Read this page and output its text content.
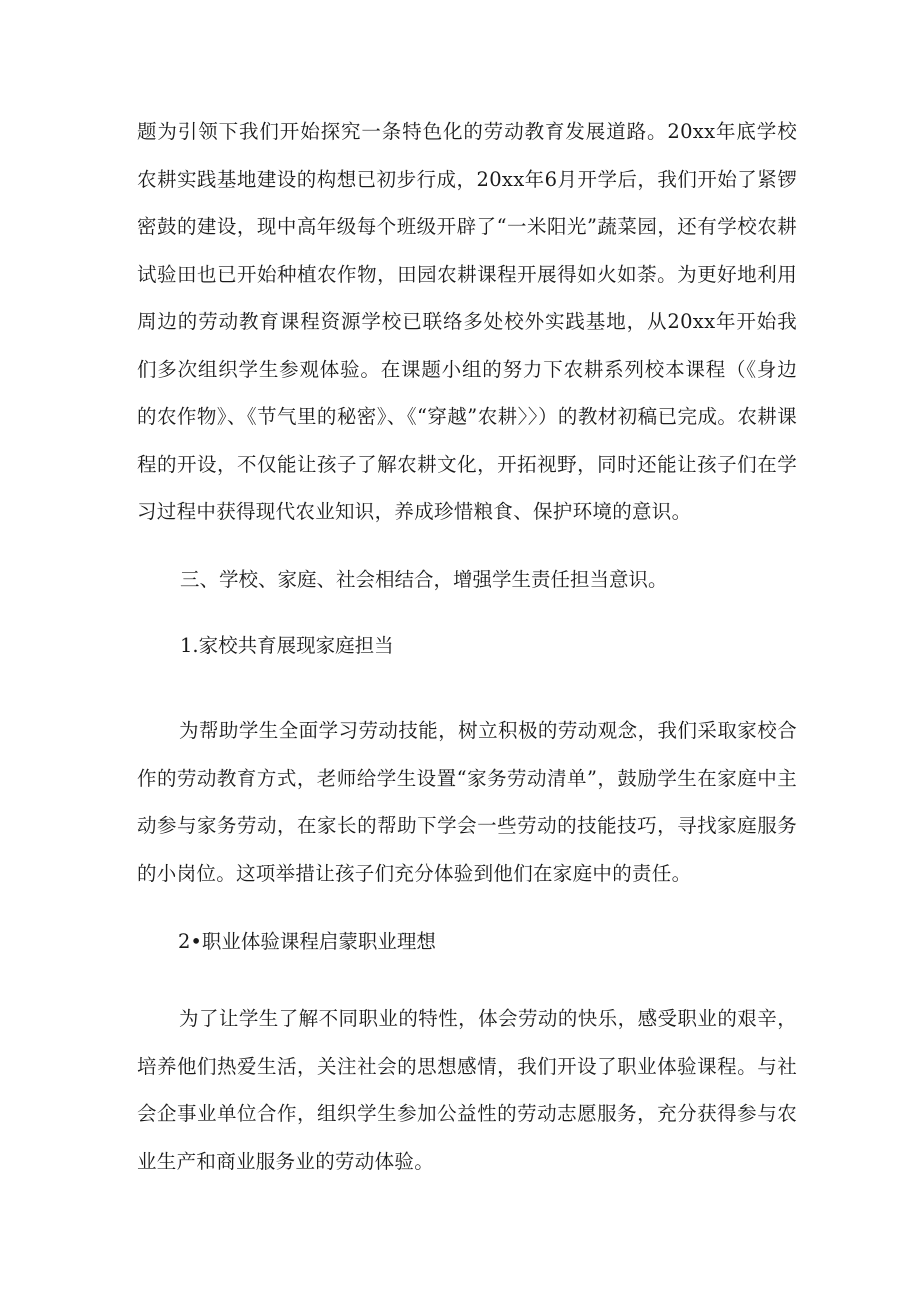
题为引领下我们开始探究一条特色化的劳动教育发展道路。20xx年底学校农耕实践基地建设的构想已初步行成，20xx年6月开学后，我们开始了紧锣密鼓的建设，现中高年级每个班级开辟了“一米阳光”蔬菜园，还有学校农耕试验田也已开始种植农作物，田园农耕课程开展得如火如荼。为更好地利用周边的劳动教育课程资源学校已联络多处校外实践基地，从20xx年开始我们多次组织学生参观体验。在课题小组的努力下农耕系列校本课程（《身边的农作物》、《节气里的秘密》、《“穿越”农耕〉〉）的教材初稿已完成。农耕课程的开设，不仅能让孩子了解农耕文化，开拓视野，同时还能让孩子们在学习过程中获得现代农业知识，养成珍惜粮食、保护环境的意识。

三、学校、家庭、社会相结合，增强学生责任担当意识。
1.家校共育展现家庭担当

为帮助学生全面学习劳动技能，树立积极的劳动观念，我们采取家校合作的劳动教育方式，老师给学生设置“家务劳动清单”，鼓励学生在家庭中主动参与家务劳动，在家长的帮助下学会一些劳动的技能技巧，寻找家庭服务的小岗位。这项举措让孩子们充分体验到他们在家庭中的责任。

2•职业体验课程启蒙职业理想

为了让学生了解不同职业的特性，体会劳动的快乐，感受职业的艰辛，培养他们热爱生活，关注社会的思想感情，我们开设了职业体验课程。与社会企事业单位合作，组织学生参加公益性的劳动志愿服务，充分获得参与农业生产和商业服务业的劳动体验。
